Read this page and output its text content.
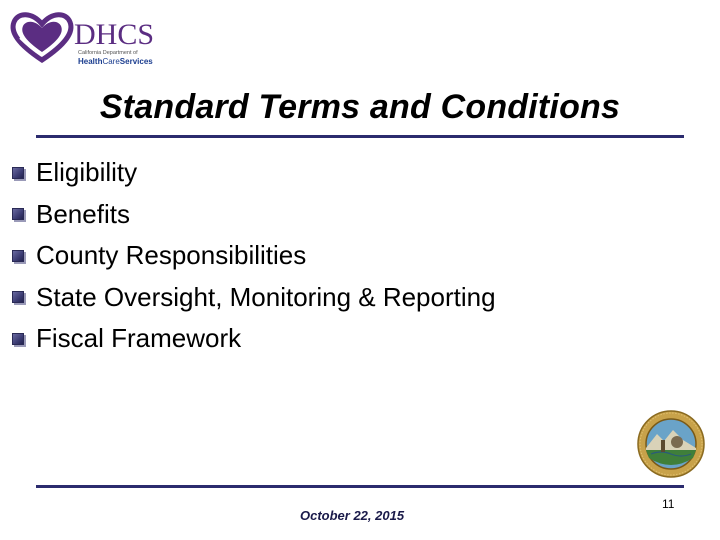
DHCS
California Department of
HealthCareServices
Standard Terms and Conditions
Eligibility
Benefits
County Responsibilities
State Oversight, Monitoring & Reporting
Fiscal Framework
October 22, 2015
11
